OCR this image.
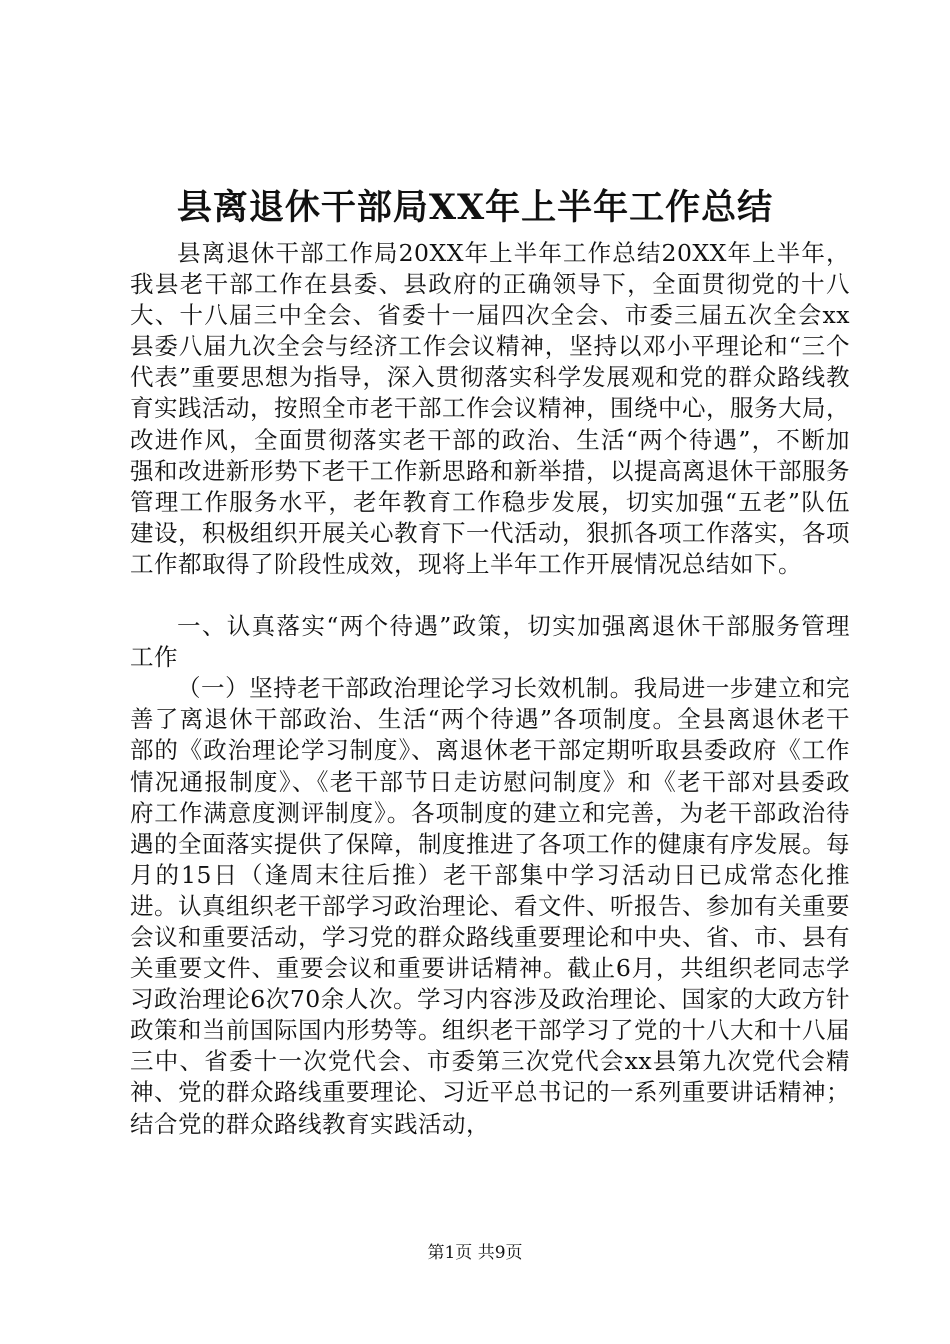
县离退休干部局XX年上半年工作总结

县离退休干部工作局20XX年上半年工作总结20XX年上半年，我县老干部工作在县委、县政府的正确领导下，全面贯彻党的十八大、十八届三中全会、省委十一届四次全会、市委三届五次全会xx县委八届九次全会与经济工作会议精神，坚持以邓小平理论和“三个代表”重要思想为指导，深入贯彻落实科学发展观和党的群众路线教育实践活动，按照全市老干部工作会议精神，围绕中心，服务大局，改进作风，全面贯彻落实老干部的政治、生活“两个待遇”，不断加强和改进新形势下老干工作新思路和新举措，以提高离退休干部服务管理工作服务水平，老年教育工作稳步发展，切实加强“五老”队伍建设，积极组织开展关心教育下一代活动，狠抓各项工作落实，各项工作都取得了阶段性成效，现将上半年工作开展情况总结如下。

一、认真落实“两个待遇”政策，切实加强离退休干部服务管理工作

（一）坚持老干部政治理论学习长效机制。我局进一步建立和完善了离退休干部政治、生活“两个待遇”各项制度。全县离退休老干部的《政治理论学习制度》、离退休老干部定期听取县委政府《工作情况通报制度》、《老干部节日走访慰问制度》和《老干部对县委政府工作满意度测评制度》。各项制度的建立和完善，为老干部政治待遇的全面落实提供了保障，制度推进了各项工作的健康有序发展。每月的15日（逢周末往后推）老干部集中学习活动日已成常态化推进。认真组织老干部学习政治理论、看文件、听报告、参加有关重要会议和重要活动，学习党的群众路线重要理论和中央、省、市、县有关重要文件、重要会议和重要讲话精神。截止6月，共组织老同志学习政治理论6次70余人次。学习内容涉及政治理论、国家的大政方针政策和当前国际国内形势等。组织老干部学习了党的十八大和十八届三中、省委十一次党代会、市委第三次党代会xx县第九次党代会精神、党的群众路线重要理论、习近平总书记的一系列重要讲话精神；结合党的群众路线教育实践活动，

第1页 共9页
